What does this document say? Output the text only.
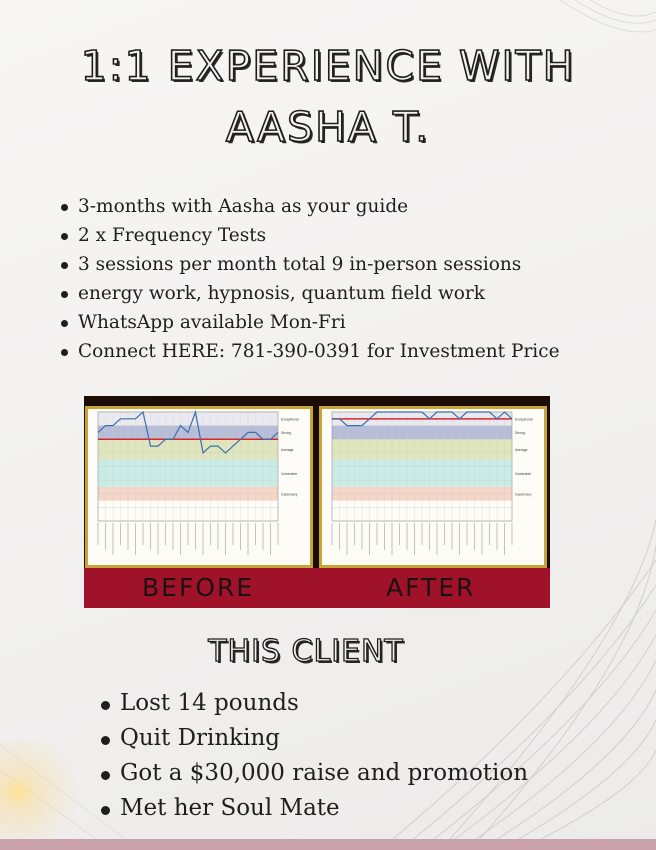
1:1 EXPERIENCE WITH
AASHA T.
3-months with Aasha as your guide
2 x Frequency Tests
3 sessions per month total 9 in-person sessions
energy work, hypnosis, quantum field work
WhatsApp available Mon-Fri
Connect HERE: 781-390-0391 for Investment Price
Exceptional
Strong
Average
Vulnerable
Cautionary
Exceptional
Strong
Average
Vulnerable
Cautionary
BEFORE	AFTER
THIS CLIENT
Lost 14 pounds
Quit Drinking
Got a $30,000 raise and promotion
Met her Soul Mate
